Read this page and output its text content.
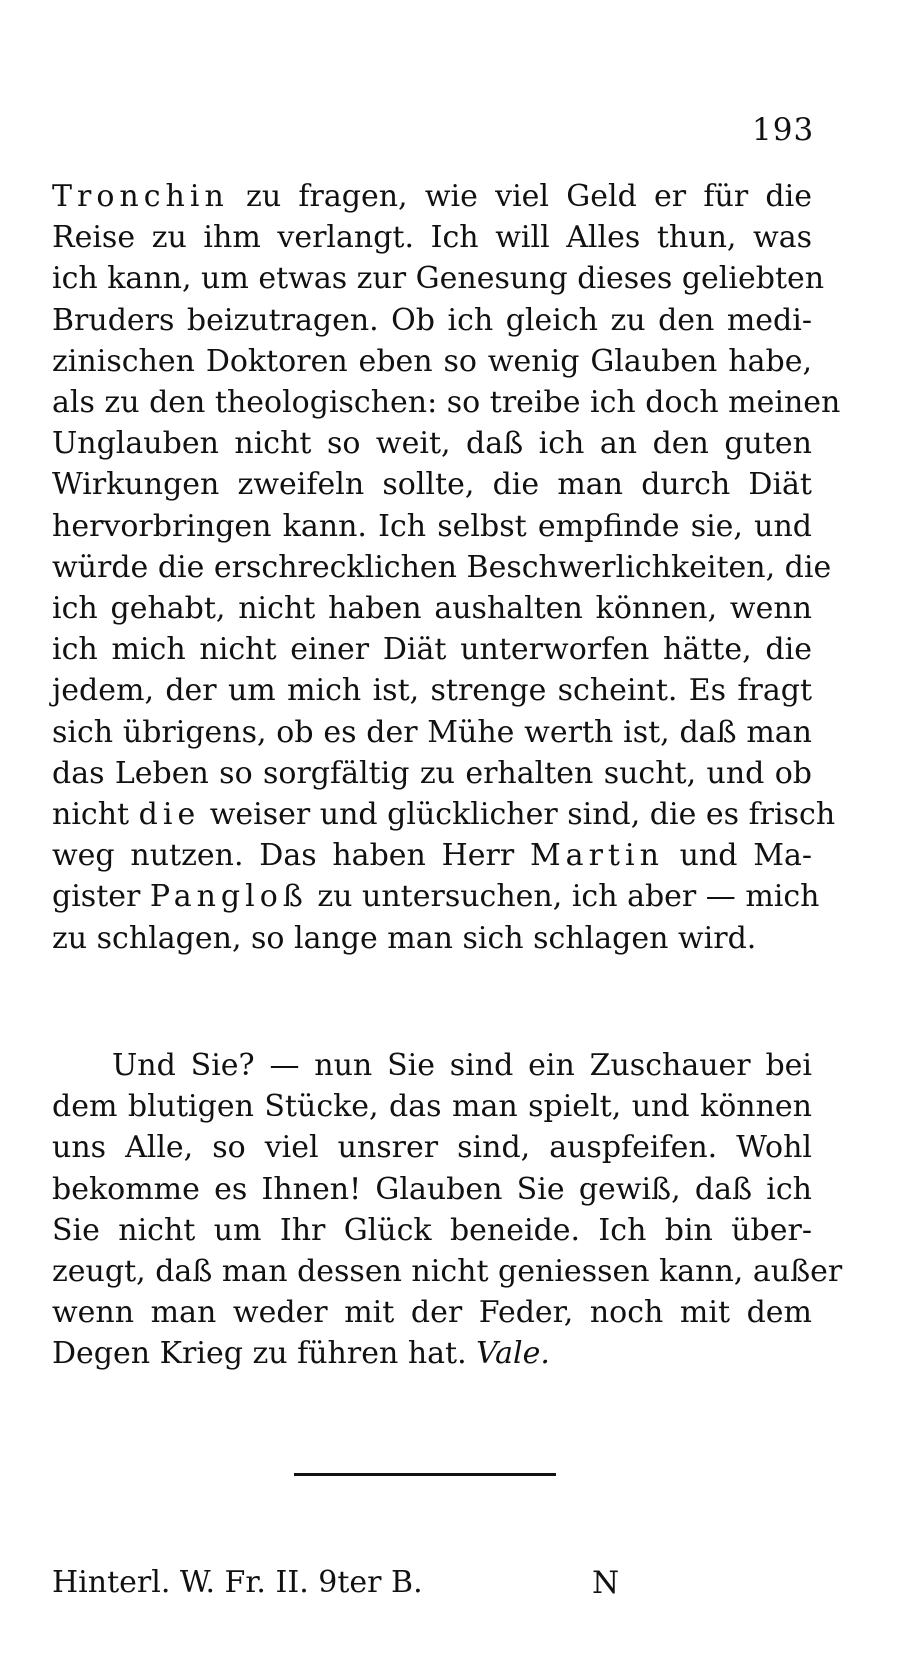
193
Tronchin zu fragen, wie viel Geld er für die
Reise zu ihm verlangt. Ich will Alles thun, was
ich kann, um etwas zur Genesung dieses geliebten
Bruders beizutragen. Ob ich gleich zu den medi-
zinischen Doktoren eben so wenig Glauben habe,
als zu den theologischen: so treibe ich doch meinen
Unglauben nicht so weit, daß ich an den guten
Wirkungen zweifeln sollte, die man durch Diät
hervorbringen kann. Ich selbst empfinde sie, und
würde die erschrecklichen Beschwerlichkeiten, die
ich gehabt, nicht haben aushalten können, wenn
ich mich nicht einer Diät unterworfen hätte, die
jedem, der um mich ist, strenge scheint. Es fragt
sich übrigens, ob es der Mühe werth ist, daß man
das Leben so sorgfältig zu erhalten sucht, und ob
nicht die weiser und glücklicher sind, die es frisch
weg nutzen. Das haben Herr Martin und Ma-
gister Pangloß zu untersuchen, ich aber — mich
zu schlagen, so lange man sich schlagen wird.
Und Sie? — nun Sie sind ein Zuschauer bei
dem blutigen Stücke, das man spielt, und können
uns Alle, so viel unsrer sind, auspfeifen. Wohl
bekomme es Ihnen! Glauben Sie gewiß, daß ich
Sie nicht um Ihr Glück beneide. Ich bin über-
zeugt, daß man dessen nicht geniessen kann, außer
wenn man weder mit der Feder, noch mit dem
Degen Krieg zu führen hat. Vale.
Hinterl. W. Fr. II. 9ter B.	N
